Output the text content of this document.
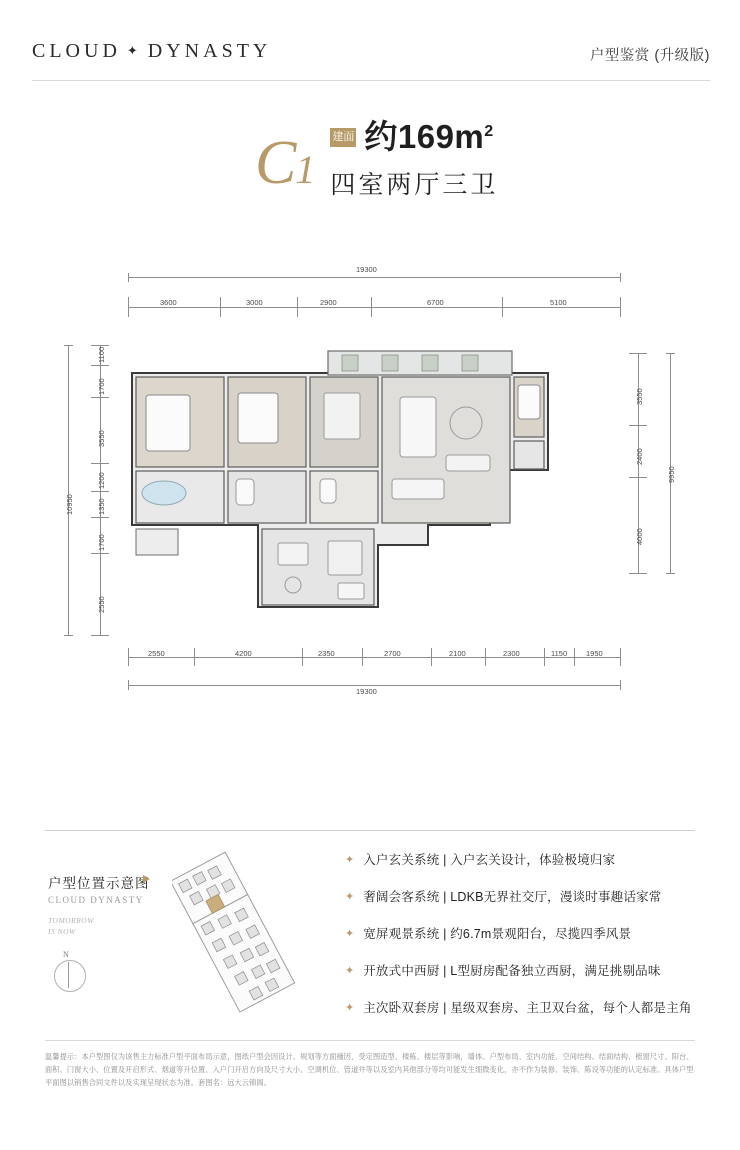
CLOUD ✦ DYNASTY	户型鉴赏 (升级版)
C1
建面 约$169m^2$
四室两厅三卫
19300
3600	3000	2900	6700	5100
10950
1100
1700
3550
1200
1350
1700
2550
3550
2400
4000
9950
2550	4200	2350	2700	2100	2300	1150	1950
19300
户型位置示意图
CLOUD DYNASTY
TOMORROW
IS NOW
N
✦ 入户玄关系统 | 入户玄关设计，体验极境归家
✦ 奢阔会客系统 | LDKB无界社交厅，漫谈时事趣话家常
✦ 宽屏观景系统 | 约6.7m景观阳台，尽揽四季风景
✦ 开放式中西厨 | L型厨房配备独立西厨，满足挑剔品味
✦ 主次卧双套房 | 星级双套房、主卫双台盆，每个人都是主角
温馨提示：本户型图仅为该售主力标准户型平面布局示意，图纸户型会因设计、规划等方面撞因，受定图造型、楼栋、楼层等影响，墙体、户型布局、室内功能、空间结构、结面结构、梳窗尺寸、阳台、面积、门窗大小、位置及开启形式、烟道等升位置、入户门开启方向及尺寸大小、空调机位、管道井等以及室内其他部分等均可能发生细微变化，亦不作为装修、装饰、陈设等功能的认定标准。具体户型平面图以销售合同文件以及实现呈现状态为准。套图名：远大云锦阁。
